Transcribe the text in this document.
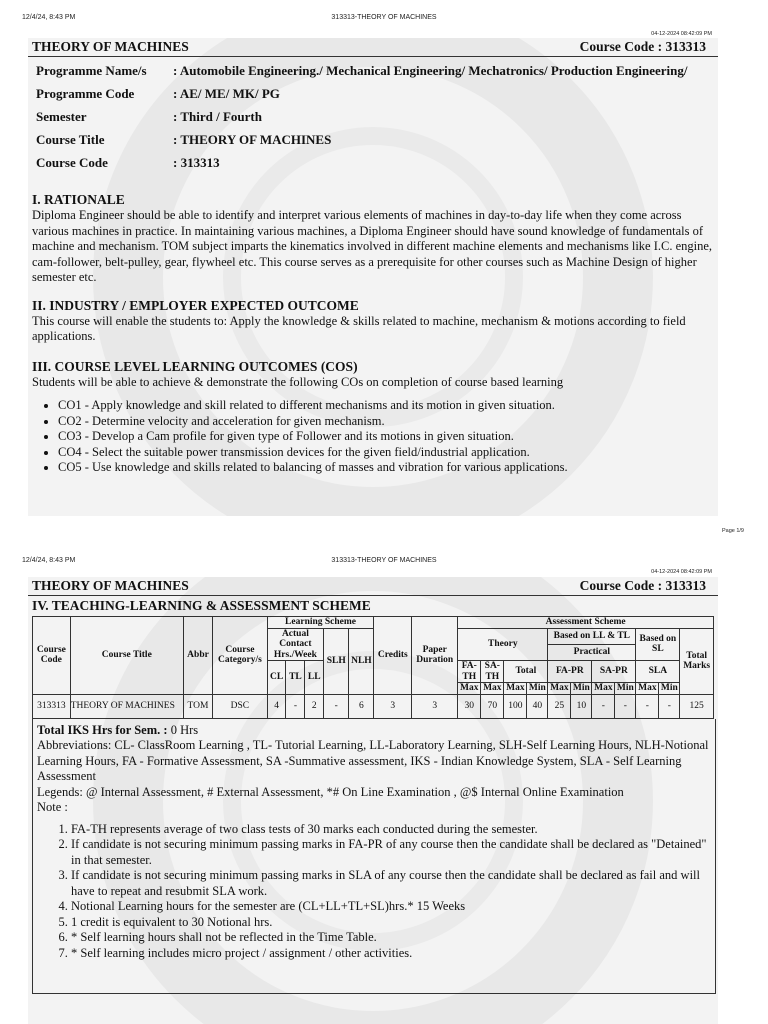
12/4/24, 8:43 PM	313313-THEORY OF MACHINES
04-12-2024 08:42:09 PM
THEORY OF MACHINES	Course Code : 313313
Programme Name/s : Automobile Engineering./ Mechanical Engineering/ Mechatronics/ Production Engineering/
Programme Code	: AE/ ME/ MK/ PG
Semester	: Third / Fourth
Course Title	: THEORY OF MACHINES
Course Code	: 313313
I. RATIONALE
Diploma Engineer should be able to identify and interpret various elements of machines in day-to-day life when they come across various machines in practice. In maintaining various machines, a Diploma Engineer should have sound knowledge of fundamentals of machine and mechanism. TOM subject imparts the kinematics involved in different machine elements and mechanisms like I.C. engine, cam-follower, belt-pulley, gear, flywheel etc. This course serves as a prerequisite for other courses such as Machine Design of higher semester etc.
II. INDUSTRY / EMPLOYER EXPECTED OUTCOME
This course will enable the students to: Apply the knowledge & skills related to machine, mechanism & motions according to field applications.
III. COURSE LEVEL LEARNING OUTCOMES (COS)
Students will be able to achieve & demonstrate the following COs on completion of course based learning
• CO1 - Apply knowledge and skill related to different mechanisms and its motion in given situation.
• CO2 - Determine velocity and acceleration for given mechanism.
• CO3 - Develop a Cam profile for given type of Follower and its motions in given situation.
• CO4 - Select the suitable power transmission devices for the given field/industrial application.
• CO5 - Use knowledge and skills related to balancing of masses and vibration for various applications.
Page 1/9
12/4/24, 8:43 PM	313313-THEORY OF MACHINES
04-12-2024 08:42:09 PM
THEORY OF MACHINES	Course Code : 313313
IV. TEACHING-LEARNING & ASSESSMENT SCHEME
Course Code	Course Title	Abbr	Course Category/s	Learning Scheme					Credits	Paper Duration	Assessment Scheme										
				Actual Contact Hrs./Week			SLH	NLH			Theory				Based on LL & TL				Based on SL		Total Marks
															Practical						
				CL	TL	LL					FA-TH	SA-TH	Total		FA-PR		SA-PR		SLA		
											Max	Max	Max	Min	Max	Min	Max	Min	Max	Min	
313313	THEORY OF MACHINES	TOM	DSC	4	-	2	-	6	3	3	30	70	100	40	25	10	-	-	-	-	125
Total IKS Hrs for Sem. : 0 Hrs
Abbreviations: CL- ClassRoom Learning , TL- Tutorial Learning, LL-Laboratory Learning, SLH-Self Learning Hours, NLH-Notional Learning Hours, FA - Formative Assessment, SA -Summative assessment, IKS - Indian Knowledge System, SLA - Self Learning Assessment
Legends: @ Internal Assessment, # External Assessment, *# On Line Examination , @$ Internal Online Examination
Note :
1. FA-TH represents average of two class tests of 30 marks each conducted during the semester.
2. If candidate is not securing minimum passing marks in FA-PR of any course then the candidate shall be declared as "Detained" in that semester.
3. If candidate is not securing minimum passing marks in SLA of any course then the candidate shall be declared as fail and will have to repeat and resubmit SLA work.
4. Notional Learning hours for the semester are (CL+LL+TL+SL)hrs.* 15 Weeks
5. 1 credit is equivalent to 30 Notional hrs.
6. * Self learning hours shall not be reflected in the Time Table.
7. * Self learning includes micro project / assignment / other activities.
